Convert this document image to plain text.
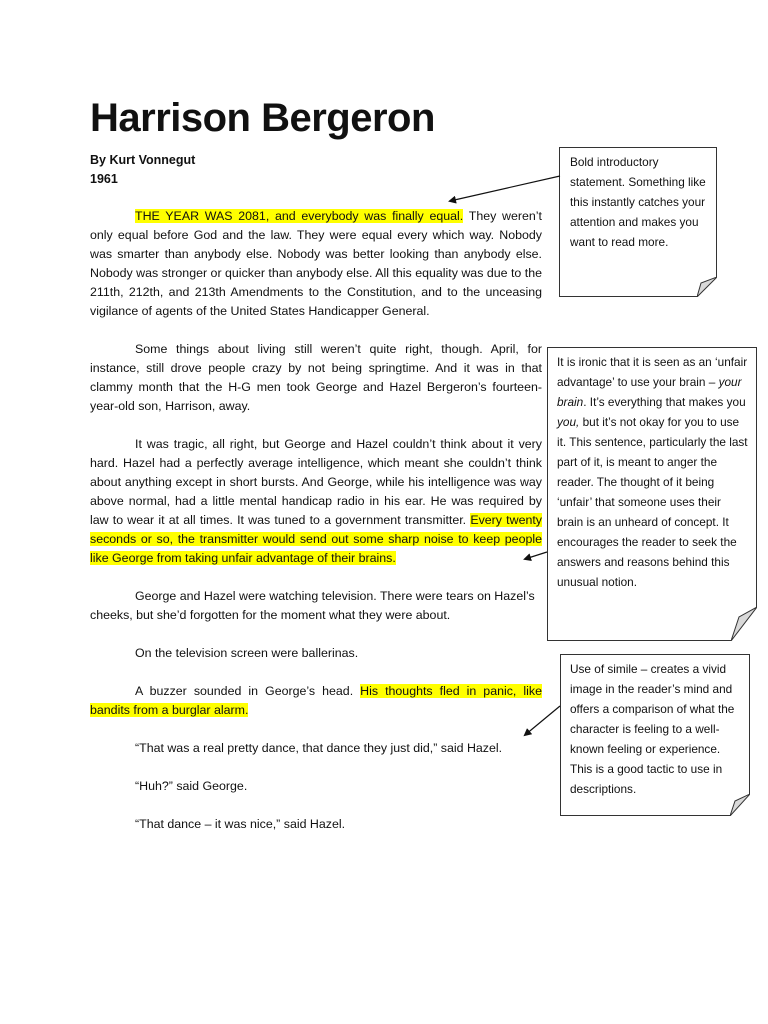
Harrison Bergeron
By Kurt Vonnegut
1961

THE YEAR WAS 2081, and everybody was finally equal. They weren’t only equal before God and the law. They were equal every which way. Nobody was smarter than anybody else. Nobody was better looking than anybody else. Nobody was stronger or quicker than anybody else. All this equality was due to the 211th, 212th, and 213th Amendments to the Constitution, and to the unceasing vigilance of agents of the United States Handicapper General.

Some things about living still weren’t quite right, though. April, for instance, still drove people crazy by not being springtime. And it was in that clammy month that the H-G men took George and Hazel Bergeron’s fourteen-year-old son, Harrison, away.

It was tragic, all right, but George and Hazel couldn’t think about it very hard. Hazel had a perfectly average intelligence, which meant she couldn’t think about anything except in short bursts. And George, while his intelligence was way above normal, had a little mental handicap radio in his ear. He was required by law to wear it at all times. It was tuned to a government transmitter. Every twenty seconds or so, the transmitter would send out some sharp noise to keep people like George from taking unfair advantage of their brains.

George and Hazel were watching television. There were tears on Hazel’s cheeks, but she’d forgotten for the moment what they were about.

On the television screen were ballerinas.

A buzzer sounded in George’s head. His thoughts fled in panic, like bandits from a burglar alarm.

“That was a real pretty dance, that dance they just did,” said Hazel.

“Huh?” said George.

“That dance – it was nice,” said Hazel.

Bold introductory statement. Something like this instantly catches your attention and makes you want to read more.

It is ironic that it is seen as an ‘unfair advantage’ to use your brain – your brain. It’s everything that makes you you, but it’s not okay for you to use it. This sentence, particularly the last part of it, is meant to anger the reader. The thought of it being ‘unfair’ that someone uses their brain is an unheard of concept. It encourages the reader to seek the answers and reasons behind this unusual notion.

Use of simile – creates a vivid image in the reader’s mind and offers a comparison of what the character is feeling to a well-known feeling or experience. This is a good tactic to use in descriptions.
